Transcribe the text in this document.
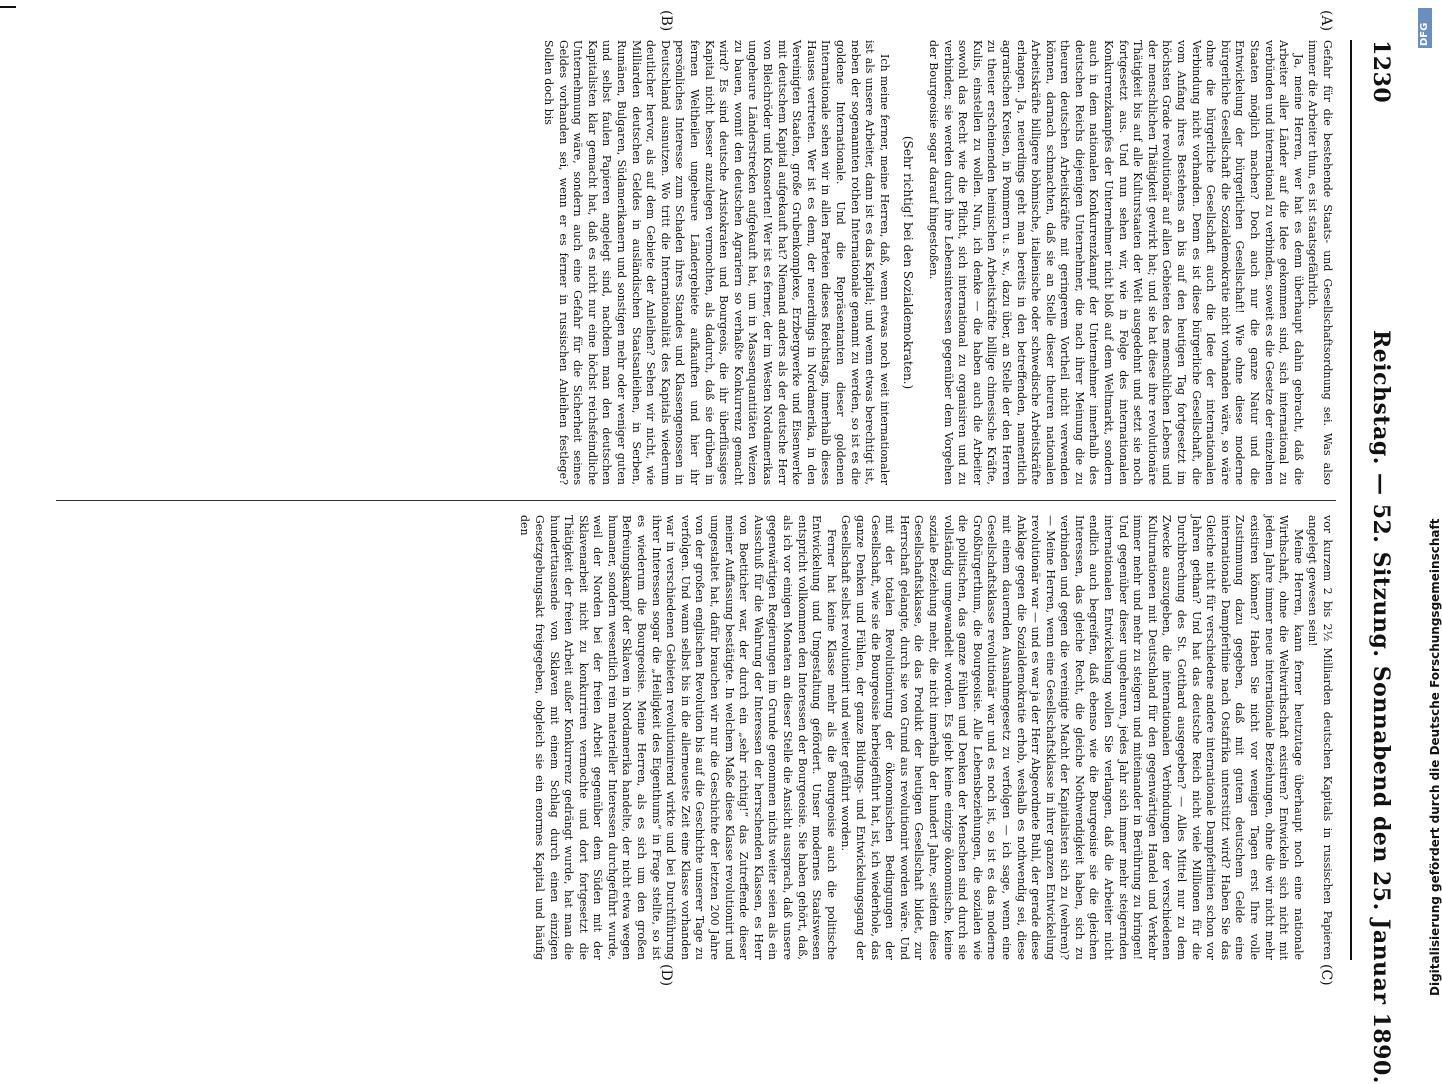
1230
Reichstag. — 52. Sitzung. Sonnabend den 25. Januar 1890.
(A)
(B)
(C)
(D)

Gefahr für die bestehende Staats- und Gesellschaftsordnung sei. Was also immer die Arbeiter thun, es ist staatsgefährlich.

Ja, meine Herren, wer hat es denn überhaupt dahin gebracht, daß die Arbeiter aller Länder auf die Idee gekommen sind, sich international zu verbünden und international zu verbinden, soweit es die Gesetze der einzelnen Staaten möglich machen? Doch auch nur die ganze Natur und die Entwickelung der bürgerlichen Gesellschaft! Wie ohne diese moderne bürgerliche Gesellschaft die Sozialdemokratie nicht vorhanden wäre, so wäre ohne die bürgerliche Gesellschaft auch die Idee der internationalen Verbindung nicht vorhanden. Denn es ist diese bürgerliche Gesellschaft, die vom Anfang ihres Bestehens an bis auf den heutigen Tag fortgesetzt im höchsten Grade revolutionär auf allen Gebieten des menschlichen Lebens und der menschlichen Thätigkeit gewirkt hat; und sie hat diese ihre revolutionäre Thätigkeit bis auf alle Kulturstaaten der Welt ausgedehnt und setzt sie noch fortgesetzt aus. Und nun sehen wir, wie in Folge des internationalen Konkurrenzkampfes der Unternehmer nicht bloß auf dem Weltmarkt, sondern auch in dem nationalen Konkurrenzkampf der Unternehmer innerhalb des deutschen Reichs diejenigen Unternehmer, die nach ihrer Meinung die zu theuren deutschen Arbeitskräfte mit geringerem Vortheil nicht verwenden können, darnach schmachten, daß sie an Stelle dieser theuren nationalen Arbeitskräfte billigere böhmische, italienische oder schwedische Arbeitskräfte erlangen. Ja, neuerdings geht man bereits in den betreffenden, namentlich agrarischen Kreisen, in Pommern u. s. w., dazu über, an Stelle der den Herren zu theuer erscheinenden heimischen Arbeitskräfte billige chinesische Kräfte, Kulis, einstellen zu wollen. Nun, ich denke — die haben auch die Arbeiter sowohl das Recht wie die Pflicht, sich international zu organisiren und zu verbinden; sie werden durch ihre Lebensinteressen gegenüber dem Vorgehen der Bourgeoisie sogar darauf hingestoßen.

(Sehr richtig! bei den Sozialdemokraten.)

Ich meine ferner, meine Herren, daß, wenn etwas noch weit internationaler ist als unsere Arbeiter, dann ist es das Kapital; und wenn etwas berechtigt ist, neben der sogenannten rothen Internationale genannt zu werden, so ist es die goldene Internationale. Und die Repräsentanten dieser goldenen Internationale sehen wir in allen Parteien dieses Reichstags, innerhalb dieses Hauses vertreten. Wer ist es denn, der neuerdings in Nordamerika, in den Vereinigten Staaten, große Grubenkomplexe, Erzbergwerke und Eisenwerke mit deutschem Kapital aufgekauft hat? Niemand anders als der deutsche Herr von Bleichröder und Konsorten! Wer ist es ferner, der im Westen Nordamerikas ungeheure Länderstrecken aufgekauft hat, um in Massenquantitäten Weizen zu bauen, womit den deutschen Agrariern so verhaßte Konkurrenz gemacht wird? Es sind deutsche Aristokraten und Bourgeois, die ihr überflüssiges Kapital nicht besser anzulegen vermochten, als dadurch, daß sie drüben in fernen Weltheilen ungeheure Ländergebiete aufkauften und hier ihr persönliches Interesse zum Schaden ihres Standes und Klassengenossen in Deutschland ausnutzen. Wo tritt die Internationalität des Kapitals wiederum deutlicher hervor, als auf dem Gebiete der Anleihen? Sehen wir nicht, wie Milliarden deutschen Geldes in ausländischen Staatsanleihen, in Serben, Rumänen, Bulgaren, Südamerikanern und sonstigen mehr oder weniger guten und selbst faulen Papieren angelegt sind, nachdem man den deutschen Kapitalisten klar gemacht hat, daß es nicht nur eine höchst reichsfeindliche Unternehmung wäre, sondern auch eine Gefahr für die Sicherheit seines Geldes vorhanden sei, wenn er es ferner in russischen Anleihen festlege? Sollen doch bis

vor kurzem 2 bis 2½ Milliarden deutschen Kapitals in russischen Papieren angelegt gewesen sein!

Meine Herren, kann ferner heutzutage überhaupt noch eine nationale Wirthschaft, ohne die Weltwirthschaft existiren? Entwickeln sich nicht mit jedem Jahre immer neue internationale Beziehungen, ohne die wir nicht mehr existiren können? Haben Sie nicht vor wenigen Tagen erst Ihre volle Zustimmung dazu gegeben, daß mit gutem deutschem Gelde eine internationale Dampferlinie nach Ostafrika unterstützt wird? Haben Sie das Gleiche nicht für verschiedene andere internationale Dampferlinien schon vor Jahren gethan? Und hat das deutsche Reich nicht viele Millionen für die Durchbrechung des St. Gotthard ausgegeben? — Alles Mittel nur zu dem Zwecke auszugeben, die internationalen Verbindungen der verschiedenen Kulturnationen mit Deutschland für den gegenwärtigen Handel und Verkehr immer mehr und mehr zu steigern und miteinander in Berührung zu bringen! Und gegenüber dieser ungeheuren, jedes Jahr sich immer mehr steigernden internationalen Entwickelung wollen Sie verlangen, daß die Arbeiter nicht endlich auch begreifen, daß ebenso wie die Bourgeoisie sie die gleichen Interessen, das gleiche Recht, die gleiche Nothwendigkeit haben, sich zu verbinden und gegen die vereinigte Macht der Kapitalisten sich zu (wehren)? — Meine Herren, wenn eine Gesellschaftsklasse in ihrer ganzen Entwickelung revolutionär war — und es war ja der Herr Abgeordnete Buhl, der gerade diese Anklage gegen die Sozialdemokratie erhob, weshalb es nothwendig sei, diese mit einem dauernden Ausnahmegesetz zu verfolgen — ich sage, wenn eine Gesellschaftsklasse revolutionär war und es noch ist, so ist es das moderne Großbürgerthum, die Bourgeoisie. Alle Lebensbeziehungen, die sozialen wie die politischen, das ganze Fühlen und Denken der Menschen sind durch sie vollständig umgewandelt worden. Es giebt keine einzige ökonomische, keine soziale Beziehung mehr, die nicht innerhalb der hundert Jahre, seitdem diese Gesellschaftsklasse, die das Produkt der heutigen Gesellschaft bildet, zur Herrschaft gelangte, durch sie von Grund aus revolutionirt worden wäre. Und mit der totalen Revolutionirung der ökonomischen Bedingungen der Gesellschaft, wie sie die Bourgeoisie herbeigeführt hat, ist, ich wiederhole, das ganze Denken und Fühlen, der ganze Bildungs- und Entwickelungsgang der Gesellschaft selbst revolutionirt und weiter geführt worden.

Ferner hat keine Klasse mehr als die Bourgeoisie auch die politische Entwickelung und Umgestaltung gefördert. Unser modernes Staatswesen entspricht vollkommen den Interessen der Bourgeoisie. Sie haben gehört, daß, als ich vor einigen Monaten an dieser Stelle die Ansicht aussprach, daß unsere gegenwärtigen Regierungen im Grunde genommen nichts weiter seien als ein Ausschuß für die Wahrung der Interessen der herrschenden Klassen, es Herr von Boetticher war, der durch ein „sehr richtig!“ das Zutreffende dieser meiner Auffassung bestätigte. In welchem Maße diese Klasse revolutionirt und umgestaltet hat, dafür brauchen wir nur die Geschichte der letzten 200 Jahre von der großen englischen Revolution bis auf die Geschichte unserer Tage zu verfolgen. Und wann selbst bis in die allerneueste Zeit eine Klasse vorhanden war in verschiedenen Gebieten revolutionirend wirkte und bei Durchführung ihrer Interessen sogar die „Heiligkeit des Eigenthums“ in Frage stellte, so ist es wiederum die Bourgeoisie. Meine Herren, als es sich um den großen Befreiungskampf der Sklaven in Nordamerika handelte, der nicht etwa wegen humaner, sondern wesentlich rein materieller Interessen durchgeführt wurde, weil der Norden bei der freien Arbeit gegenüber dem Süden mit der Sklavenarbeit nicht zu konkurriren vermochte und dort fortgesetzt die Thätigkeit der freien Arbeit außer Konkurrenz gedrängt wurde, hat man die hunderttausende von Sklaven mit einem Schlag durch einen einzigen Gesetzgebungsakt freigegeben, obgleich sie ein enormes Kapital und häufig den

DFG
Digitalisierung gefördert durch die Deutsche Forschungsgemeinschaft
